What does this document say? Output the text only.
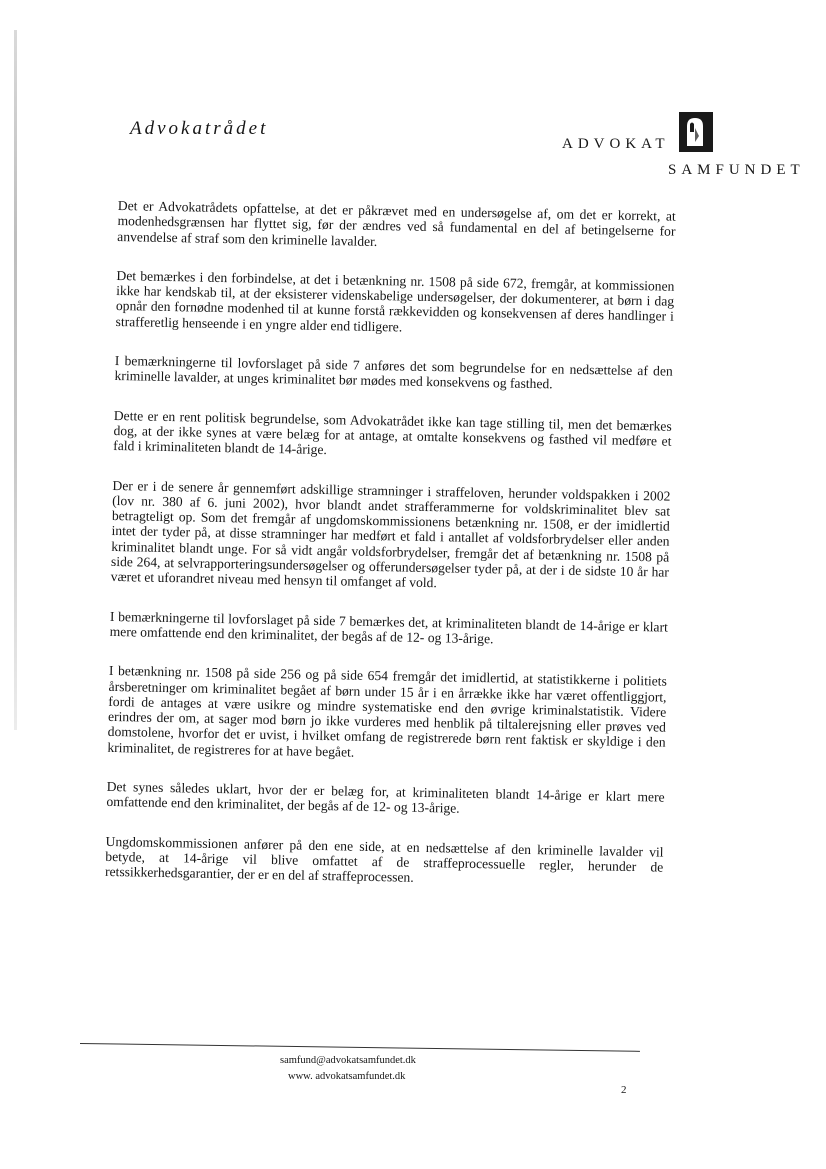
Advokatrådet
ADVOKAT
SAMFUNDET

Det er Advokatrådets opfattelse, at det er påkrævet med en undersøgelse af, om det er korrekt, at modenhedsgrænsen har flyttet sig, før der ændres ved så fundamental en del af betingelserne for anvendelse af straf som den kriminelle lavalder.

Det bemærkes i den forbindelse, at det i betænkning nr. 1508 på side 672, fremgår, at kommissionen ikke har kendskab til, at der eksisterer videnskabelige undersøgelser, der dokumenterer, at børn i dag opnår den fornødne modenhed til at kunne forstå rækkevidden og konsekvensen af deres handlinger i strafferetlig henseende i en yngre alder end tidligere.

I bemærkningerne til lovforslaget på side 7 anføres det som begrundelse for en nedsættelse af den kriminelle lavalder, at unges kriminalitet bør mødes med konsekvens og fasthed.

Dette er en rent politisk begrundelse, som Advokatrådet ikke kan tage stilling til, men det bemærkes dog, at der ikke synes at være belæg for at antage, at omtalte konsekvens og fasthed vil medføre et fald i kriminaliteten blandt de 14-årige.

Der er i de senere år gennemført adskillige stramninger i straffeloven, herunder voldspakken i 2002 (lov nr. 380 af 6. juni 2002), hvor blandt andet strafferammerne for voldskriminalitet blev sat betragteligt op. Som det fremgår af ungdomskommissionens betænkning nr. 1508, er der imidlertid intet der tyder på, at disse stramninger har medført et fald i antallet af voldsforbrydelser eller anden kriminalitet blandt unge. For så vidt angår voldsforbrydelser, fremgår det af betænkning nr. 1508 på side 264, at selvrapporteringsundersøgelser og offerundersøgelser tyder på, at der i de sidste 10 år har været et uforandret niveau med hensyn til omfanget af vold.

I bemærkningerne til lovforslaget på side 7 bemærkes det, at kriminaliteten blandt de 14-årige er klart mere omfattende end den kriminalitet, der begås af de 12- og 13-årige.

I betænkning nr. 1508 på side 256 og på side 654 fremgår det imidlertid, at statistikkerne i politiets årsberetninger om kriminalitet begået af børn under 15 år i en årrække ikke har været offentliggjort, fordi de antages at være usikre og mindre systematiske end den øvrige kriminalstatistik. Videre erindres der om, at sager mod børn jo ikke vurderes med henblik på tiltalerejsning eller prøves ved domstolene, hvorfor det er uvist, i hvilket omfang de registrerede børn rent faktisk er skyldige i den kriminalitet, de registreres for at have begået.

Det synes således uklart, hvor der er belæg for, at kriminaliteten blandt 14-årige er klart mere omfattende end den kriminalitet, der begås af de 12- og 13-årige.

Ungdomskommissionen anfører på den ene side, at en nedsættelse af den kriminelle lavalder vil betyde, at 14-årige vil blive omfattet af de straffeprocessuelle regler, herunder de retssikkerhedsgarantier, der er en del af straffeprocessen.

samfund@advokatsamfundet.dk
www. advokatsamfundet.dk
2
